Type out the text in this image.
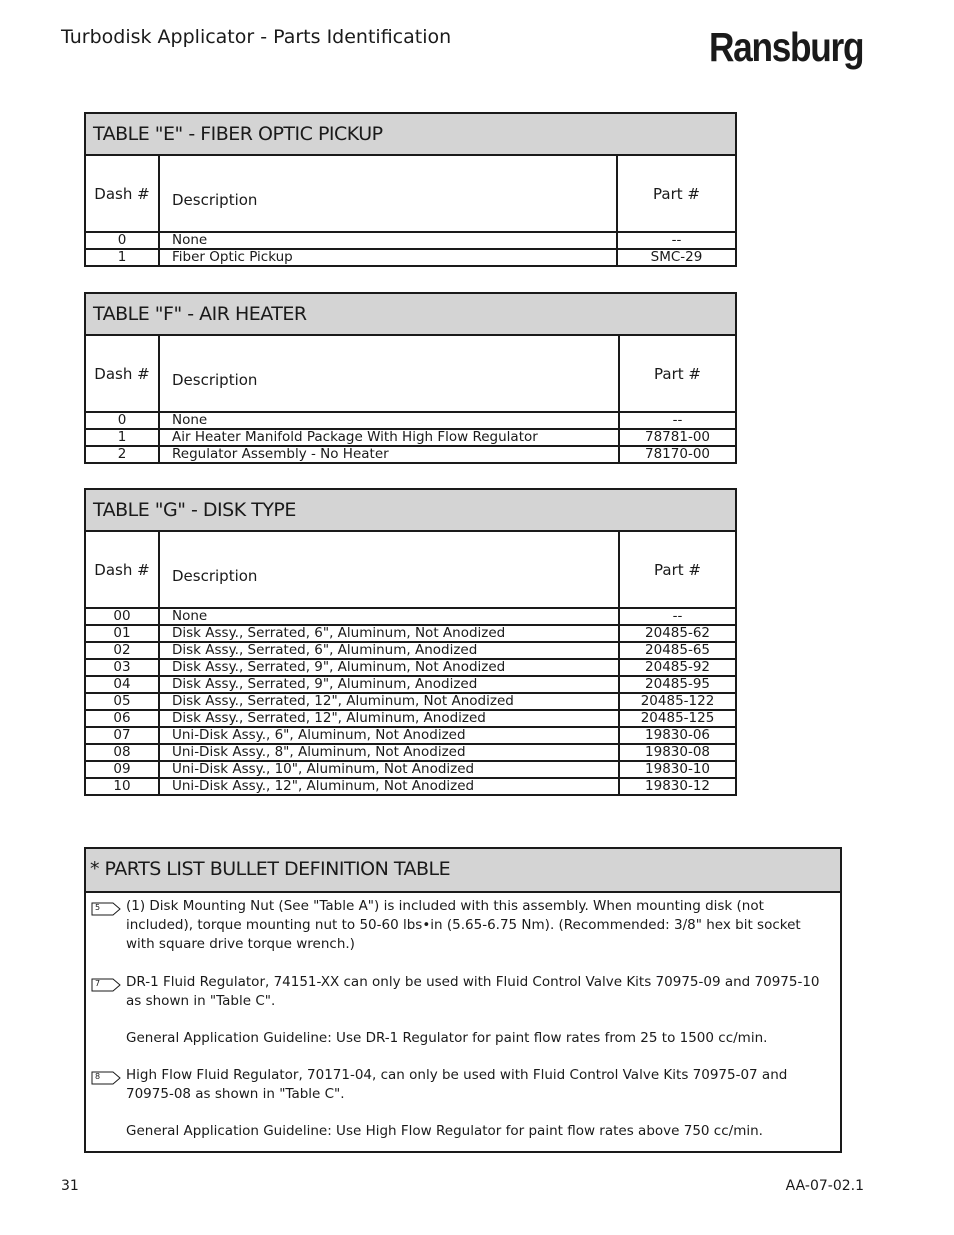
Turbodisk Applicator - Parts Identification	Ransburg
TABLE "E" - FIBER OPTIC PICKUP		
Dash #	Description	Part #
0	None	--
1	Fiber Optic Pickup	SMC-29
TABLE "F" - AIR HEATER		
Dash #	Description	Part #
0	None	--
1	Air Heater Manifold Package With High Flow Regulator	78781-00
2	Regulator Assembly - No Heater	78170-00
TABLE "G" - DISK TYPE		
Dash #	Description	Part #
00	None	--
01	Disk Assy., Serrated, 6", Aluminum, Not Anodized	20485-62
02	Disk Assy., Serrated, 6", Aluminum, Anodized	20485-65
03	Disk Assy., Serrated, 9", Aluminum, Not Anodized	20485-92
04	Disk Assy., Serrated, 9", Aluminum, Anodized	20485-95
05	Disk Assy., Serrated, 12", Aluminum, Not Anodized	20485-122
06	Disk Assy., Serrated, 12", Aluminum, Anodized	20485-125
07	Uni-Disk Assy., 6", Aluminum, Not Anodized	19830-06
08	Uni-Disk Assy., 8", Aluminum, Not Anodized	19830-08
09	Uni-Disk Assy., 10", Aluminum, Not Anodized	19830-10
10	Uni-Disk Assy., 12", Aluminum, Not Anodized	19830-12
* PARTS LIST BULLET DEFINITION TABLE
5 (1) Disk Mounting Nut (See "Table A") is included with this assembly. When mounting disk (not included), torque mounting nut to 50-60 lbs•in (5.65-6.75 Nm). (Recommended: 3/8" hex bit socket with square drive torque wrench.)

7 DR-1 Fluid Regulator, 74151-XX can only be used with Fluid Control Valve Kits 70975-09 and 70975-10 as shown in "Table C".

General Application Guideline: Use DR-1 Regulator for paint flow rates from 25 to 1500 cc/min.

8 High Flow Fluid Regulator, 70171-04, can only be used with Fluid Control Valve Kits 70975-07 and 70975-08 as shown in "Table C".

General Application Guideline: Use High Flow Regulator for paint flow rates above 750 cc/min.

31	AA-07-02.1
